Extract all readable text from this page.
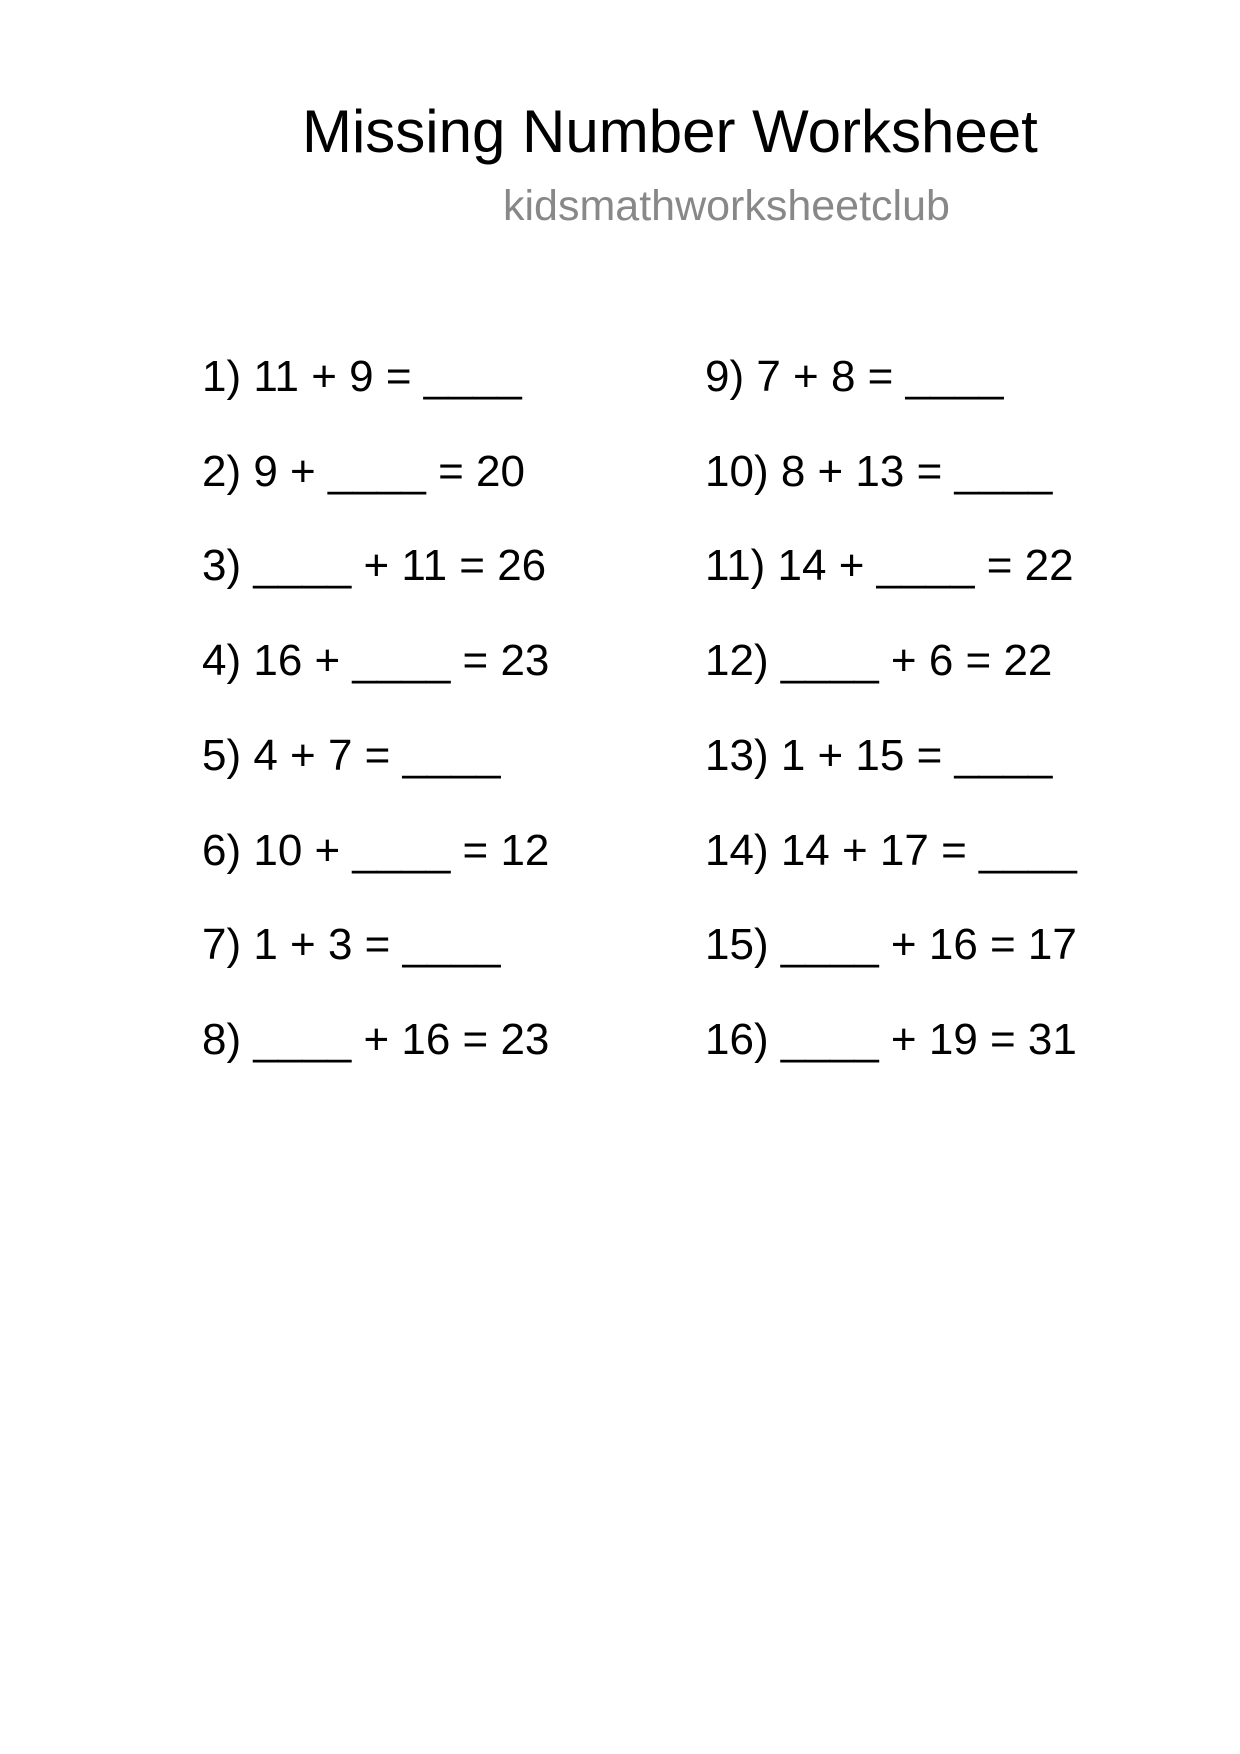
Missing Number Worksheet
kidsmathworksheetclub
1) 11 + 9 = ____
2) 9 + ____ = 20
3) ____ + 11 = 26
4) 16 + ____ = 23
5) 4 + 7 = ____
6) 10 + ____ = 12
7) 1 + 3 = ____
8) ____ + 16 = 23
9) 7 + 8 = ____
10) 8 + 13 = ____
11) 14 + ____ = 22
12) ____ + 6 = 22
13) 1 + 15 = ____
14) 14 + 17 = ____
15) ____ + 16 = 17
16) ____ + 19 = 31
